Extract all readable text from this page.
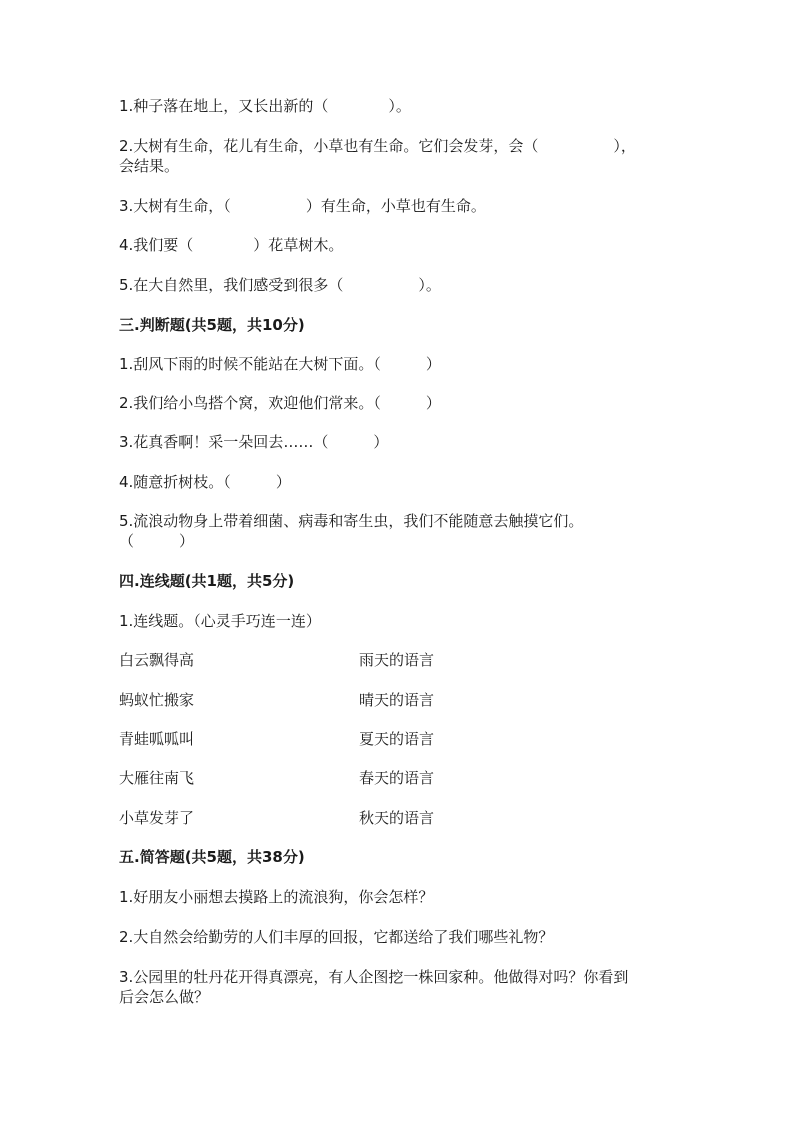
1.种子落在地上，又长出新的（　　　　）。
2.大树有生命，花儿有生命，小草也有生命。它们会发芽，会（　　　　　），
会结果。
3.大树有生命，（　　　　　）有生命，小草也有生命。
4.我们要（　　　　）花草树木。
5.在大自然里，我们感受到很多（　　　　　）。
三.判断题(共5题，共10分)
1.刮风下雨的时候不能站在大树下面。（　　　）
2.我们给小鸟搭个窝，欢迎他们常来。（　　　）
3.花真香啊！采一朵回去……（　　　）
4.随意折树枝。（　　　）
5.流浪动物身上带着细菌、病毒和寄生虫，我们不能随意去触摸它们。
（　　　）
四.连线题(共1题，共5分)
1.连线题。（心灵手巧连一连）
白云飘得高	雨天的语言
蚂蚁忙搬家	晴天的语言
青蛙呱呱叫	夏天的语言
大雁往南飞	春天的语言
小草发芽了	秋天的语言
五.简答题(共5题，共38分)
1.好朋友小丽想去摸路上的流浪狗，你会怎样？
2.大自然会给勤劳的人们丰厚的回报，它都送给了我们哪些礼物？
3.公园里的牡丹花开得真漂亮，有人企图挖一株回家种。他做得对吗？你看到
后会怎么做？
